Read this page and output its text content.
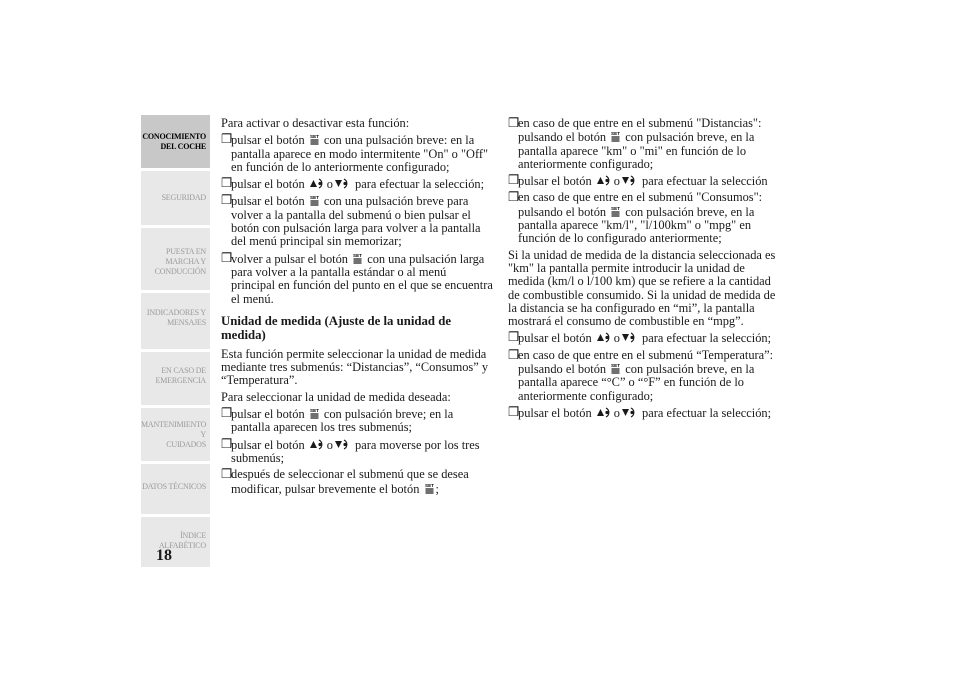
CONOCIMIENTO
DEL COCHE
SEGURIDAD
PUESTA EN
MARCHA Y
CONDUCCIÓN
INDICADORES Y
MENSAJES
EN CASO DE
EMERGENCIA
MANTENIMIENTO Y
CUIDADOS
DATOS TÉCNICOS
ÍNDICE
ALFABÉTICO
18

Para activar o desactivar esta función:

❒
pulsar el botón SET con una pulsación breve: en la pantalla aparece en modo intermitente "On" o "Off" en función de lo anteriormente configurado;
❒
pulsar el botón o para efectuar la selección;
❒
pulsar el botón SET con una pulsación breve para volver a la pantalla del submenú o bien pulsar el botón con pulsación larga para volver a la pantalla del menú principal sin memorizar;
❒
volver a pulsar el botón SET con una pulsación larga para volver a la pantalla estándar o al menú principal en función del punto en el que se encuentra el menú.
Unidad de medida (Ajuste de la unidad de medida)

Esta función permite seleccionar la unidad de medida mediante tres submenús: “Distancias”, “Consumos” y “Temperatura”.

Para seleccionar la unidad de medida deseada:

❒
pulsar el botón SET con pulsación breve; en la pantalla aparecen los tres submenús;
❒
pulsar el botón o para moverse por los tres submenús;
❒
después de seleccionar el submenú que se desea modificar, pulsar brevemente el botón SET ;
❒
en caso de que entre en el submenú "Distancias": pulsando el botón SET con pulsación breve, en la pantalla aparece "km" o "mi" en función de lo anteriormente configurado;
❒
pulsar el botón o para efectuar la selección
❒
en caso de que entre en el submenú "Consumos": pulsando el botón SET con pulsación breve, en la pantalla aparece "km/l", "l/100km" o "mpg" en función de lo configurado anteriormente;

Si la unidad de medida de la distancia seleccionada es "km" la pantalla permite introducir la unidad de medida (km/l o l/100 km) que se refiere a la cantidad de combustible consumido. Si la unidad de medida de la distancia se ha configurado en “mi”, la pantalla mostrará el consumo de combustible en “mpg”.

❒
pulsar el botón o para efectuar la selección;
❒
en caso de que entre en el submenú “Temperatura”: pulsando el botón SET con pulsación breve, en la pantalla aparece “°C” o “°F” en función de lo anteriormente configurado;
❒
pulsar el botón o para efectuar la selección;
